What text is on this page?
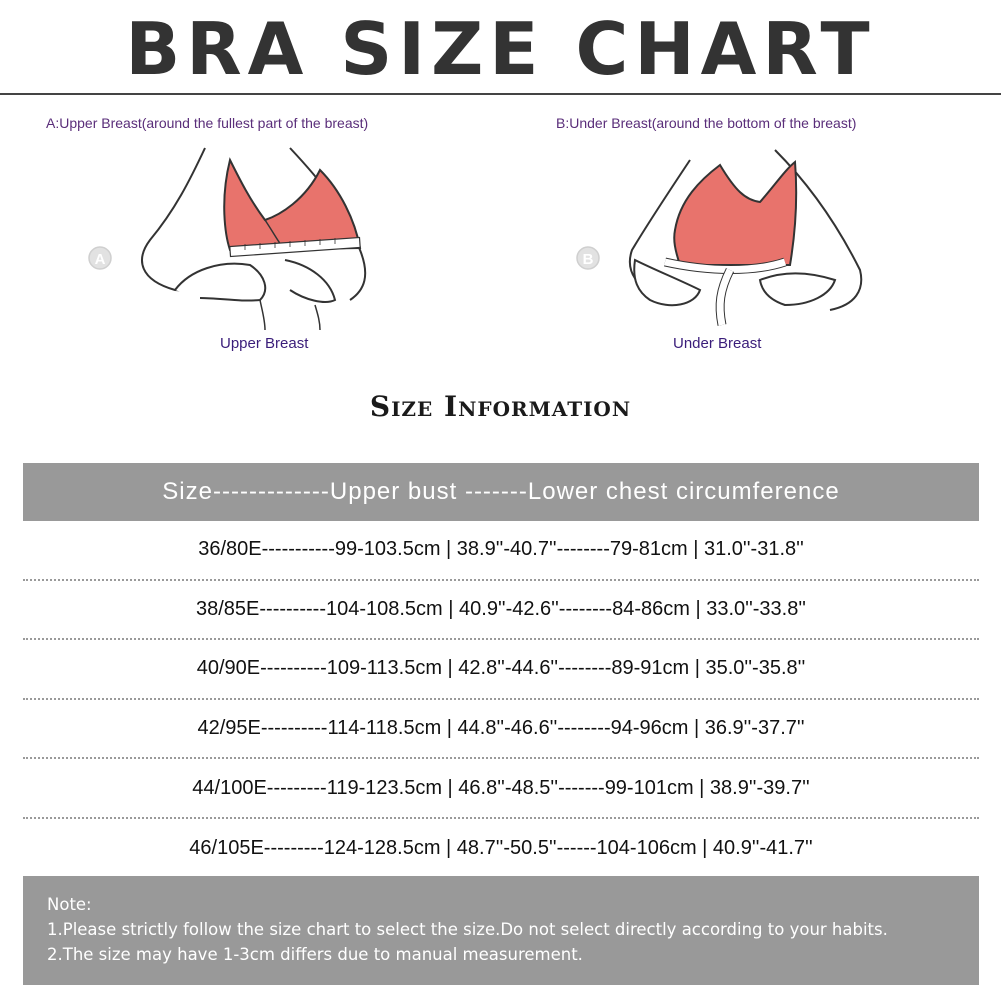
BRA SIZE CHART
A:Upper Breast(around the fullest part of the breast)	B:Under Breast(around the bottom of the breast)
A	B
Upper Breast	Under Breast
Size Information
Size-------------Upper bust -------Lower chest circumference
36/80E-----------99-103.5cm | 38.9''-40.7''--------79-81cm | 31.0''-31.8''
38/85E----------104-108.5cm | 40.9''-42.6''--------84-86cm | 33.0''-33.8''
40/90E----------109-113.5cm | 42.8''-44.6''--------89-91cm | 35.0''-35.8''
42/95E----------114-118.5cm | 44.8''-46.6''--------94-96cm | 36.9''-37.7''
44/100E---------119-123.5cm | 46.8''-48.5''-------99-101cm | 38.9''-39.7''
46/105E---------124-128.5cm | 48.7''-50.5''------104-106cm | 40.9''-41.7''
Note:
1.Please strictly follow the size chart to select the size.Do not select directly according to your habits.
2.The size may have 1-3cm differs due to manual measurement.
